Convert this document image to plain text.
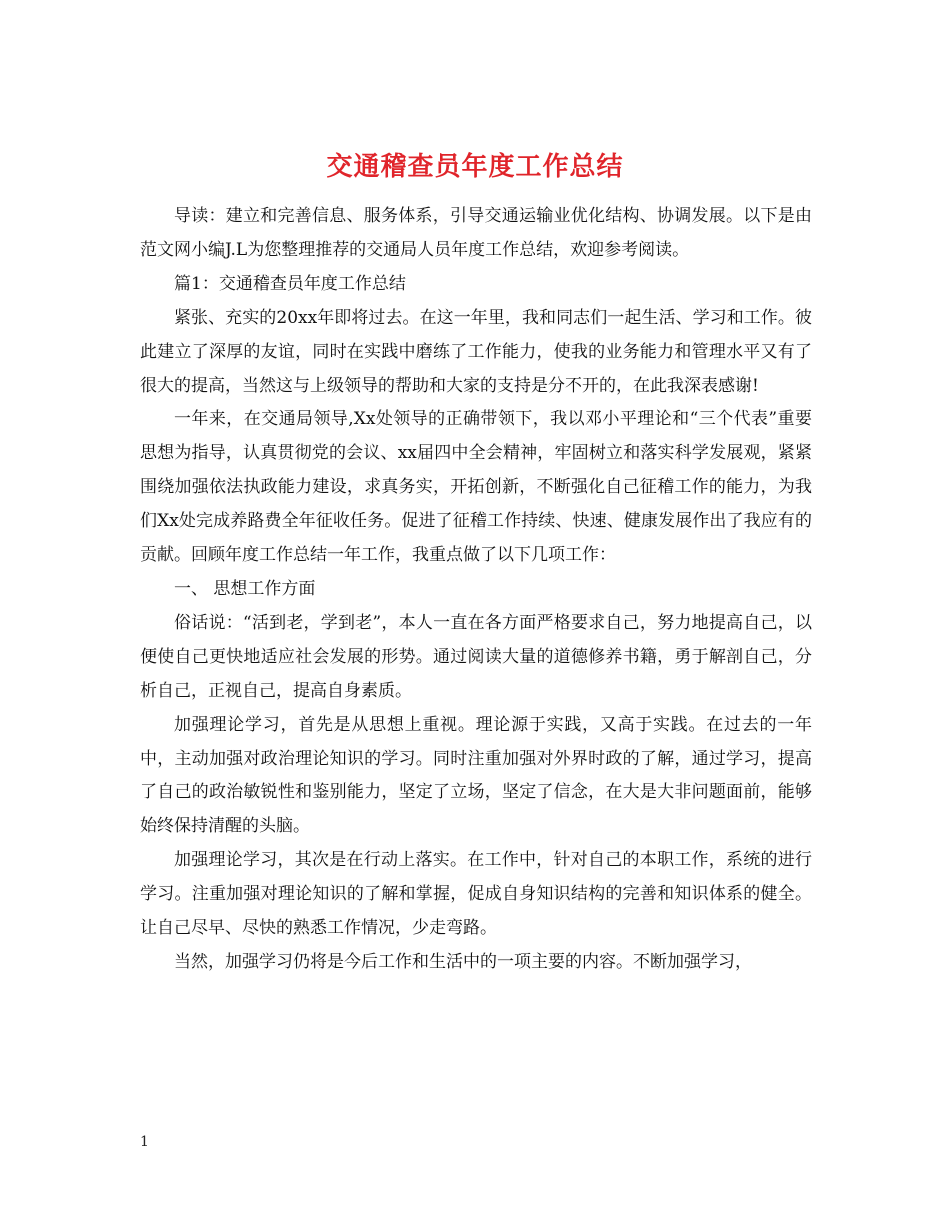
交通稽查员年度工作总结

导读：建立和完善信息、服务体系，引导交通运输业优化结构、协调发展。以下是由范文网小编J.L为您整理推荐的交通局人员年度工作总结，欢迎参考阅读。

篇1：交通稽查员年度工作总结

紧张、充实的20xx年即将过去。在这一年里，我和同志们一起生活、学习和工作。彼此建立了深厚的友谊，同时在实践中磨练了工作能力，使我的业务能力和管理水平又有了很大的提高，当然这与上级领导的帮助和大家的支持是分不开的，在此我深表感谢!

一年来，在交通局领导,Xx处领导的正确带领下，我以邓小平理论和“三个代表”重要思想为指导，认真贯彻党的会议、xx届四中全会精神，牢固树立和落实科学发展观，紧紧围绕加强依法执政能力建设，求真务实，开拓创新，不断强化自己征稽工作的能力，为我们Xx处完成养路费全年征收任务。促进了征稽工作持续、快速、健康发展作出了我应有的贡献。回顾年度工作总结一年工作，我重点做了以下几项工作：

一、 思想工作方面

俗话说：“活到老，学到老”，本人一直在各方面严格要求自己，努力地提高自己，以便使自己更快地适应社会发展的形势。通过阅读大量的道德修养书籍，勇于解剖自己，分析自己，正视自己，提高自身素质。

加强理论学习，首先是从思想上重视。理论源于实践，又高于实践。在过去的一年中，主动加强对政治理论知识的学习。同时注重加强对外界时政的了解，通过学习，提高了自己的政治敏锐性和鉴别能力，坚定了立场，坚定了信念，在大是大非问题面前，能够始终保持清醒的头脑。

加强理论学习，其次是在行动上落实。在工作中，针对自己的本职工作，系统的进行学习。注重加强对理论知识的了解和掌握，促成自身知识结构的完善和知识体系的健全。让自己尽早、尽快的熟悉工作情况，少走弯路。

当然，加强学习仍将是今后工作和生活中的一项主要的内容。不断加强学习，

1
